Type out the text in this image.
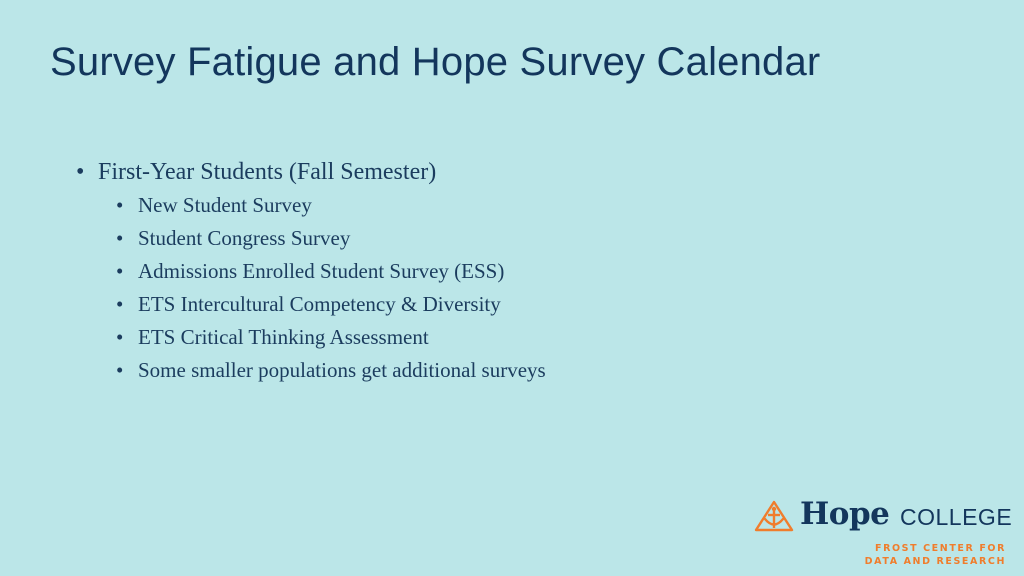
Survey Fatigue and Hope Survey Calendar
• First-Year Students (Fall Semester)
• New Student Survey
• Student Congress Survey
• Admissions Enrolled Student Survey (ESS)
• ETS Intercultural Competency & Diversity
• ETS Critical Thinking Assessment
• Some smaller populations get additional surveys
Hope COLLEGE
FROST CENTER FOR
DATA AND RESEARCH
